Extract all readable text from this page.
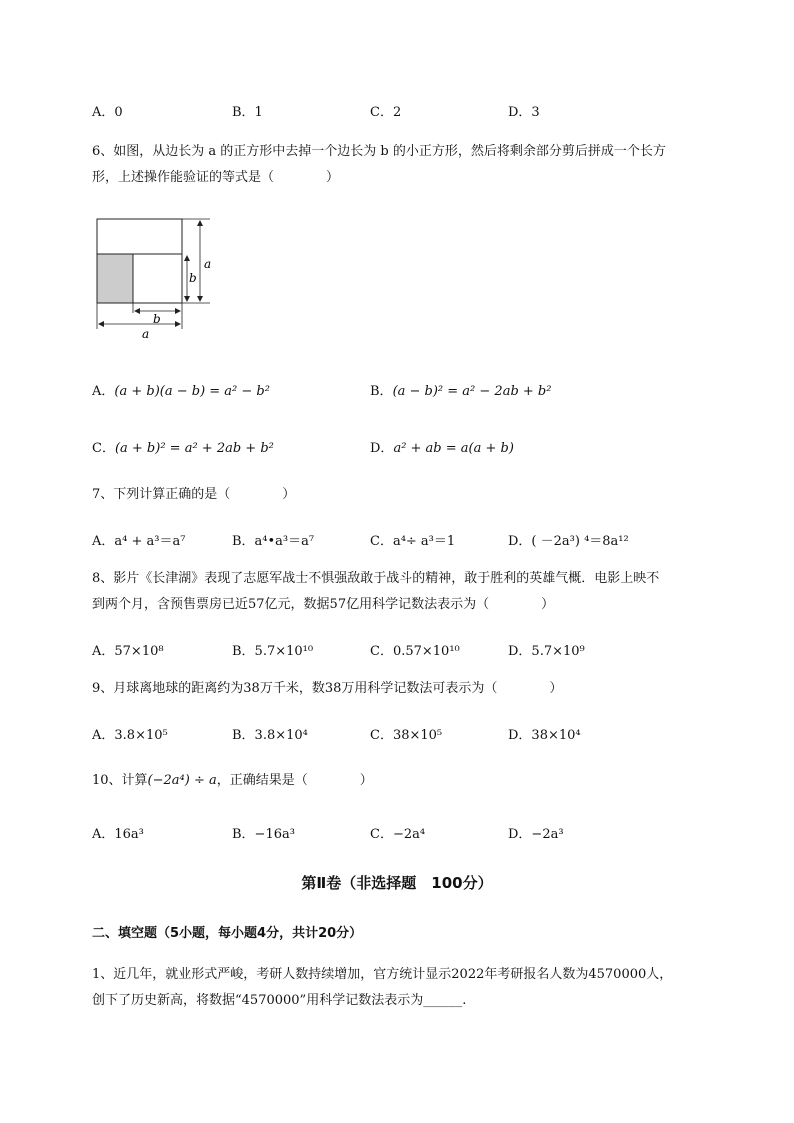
A．0	B．1	C．2	D．3
6、如图，从边长为 a 的正方形中去掉一个边长为 b 的小正方形，然后将剩余部分剪后拼成一个长方
形，上述操作能验证的等式是（　　　　）
a
b
b
a
A．(a + b)(a − b) = a² − b²	B．(a − b)² = a² − 2ab + b²
C．(a + b)² = a² + 2ab + b²	D．a² + ab = a(a + b)
7、下列计算正确的是（　　　　）
A．a⁴ + a³＝a⁷	B．a⁴•a³＝a⁷	C．a⁴÷ a³＝1	D．( －2a³) ⁴＝8a¹²
8、影片《长津湖》表现了志愿军战士不惧强敌敢于战斗的精神，敢于胜利的英雄气概．电影上映不
到两个月，含预售票房已近57亿元，数据57亿用科学记数法表示为（　　　　）
A．57×10⁸	B．5.7×10¹⁰	C．0.57×10¹⁰	D．5.7×10⁹
9、月球离地球的距离约为38万千米，数38万用科学记数法可表示为（　　　　）
A．3.8×10⁵	B．3.8×10⁴	C．38×10⁵	D．38×10⁴
10、计算(−2a⁴) ÷ a，正确结果是（　　　　）
A．16a³	B．−16a³	C．−2a⁴	D．−2a³
第Ⅱ卷（非选择题　100分）
二、填空题（5小题，每小题4分，共计20分）
1、近几年，就业形式严峻，考研人数持续增加，官方统计显示2022年考研报名人数为4570000人，
创下了历史新高，将数据“4570000”用科学记数法表示为______.
